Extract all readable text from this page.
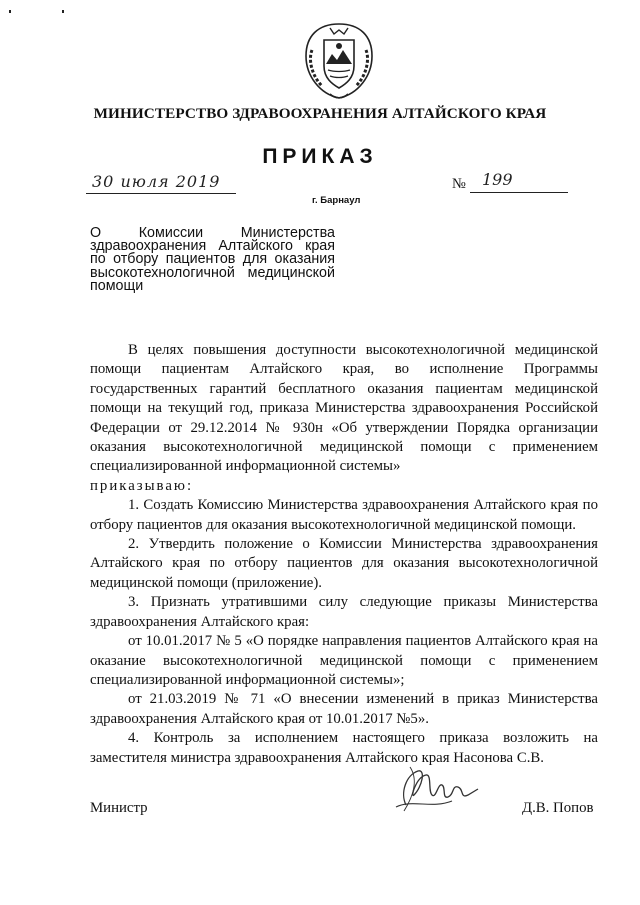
МИНИСТЕРСТВО ЗДРАВООХРАНЕНИЯ АЛТАЙСКОГО КРАЯ
ПРИКАЗ
30 июля 2019
г. Барнаул
№ 199
О Комиссии Министерства здравоохранения Алтайского края по отбору пациентов для оказания высокотехнологичной медицинской помощи

В целях повышения доступности высокотехнологичной медицинской помощи пациентам Алтайского края, во исполнение Программы государственных гарантий бесплатного оказания пациентам медицинской помощи на текущий год, приказа Министерства здравоохранения Российской Федерации от 29.12.2014 № 930н «Об утверждении Порядка организации оказания высокотехнологичной медицинской помощи с применением специализированной информационной системы»

приказываю:

1. Создать Комиссию Министерства здравоохранения Алтайского края по отбору пациентов для оказания высокотехнологичной медицинской помощи.

2. Утвердить положение о Комиссии Министерства здравоохранения Алтайского края по отбору пациентов для оказания высокотехнологичной медицинской помощи (приложение).

3. Признать утратившими силу следующие приказы Министерства здравоохранения Алтайского края:

от 10.01.2017 № 5 «О порядке направления пациентов Алтайского края на оказание высокотехнологичной медицинской помощи с применением специализированной информационной системы»;

от 21.03.2019 № 71 «О внесении изменений в приказ Министерства здравоохранения Алтайского края от 10.01.2017 №5».

4. Контроль за исполнением настоящего приказа возложить на заместителя министра здравоохранения Алтайского края Насонова С.В.

Министр	Д.В. Попов
